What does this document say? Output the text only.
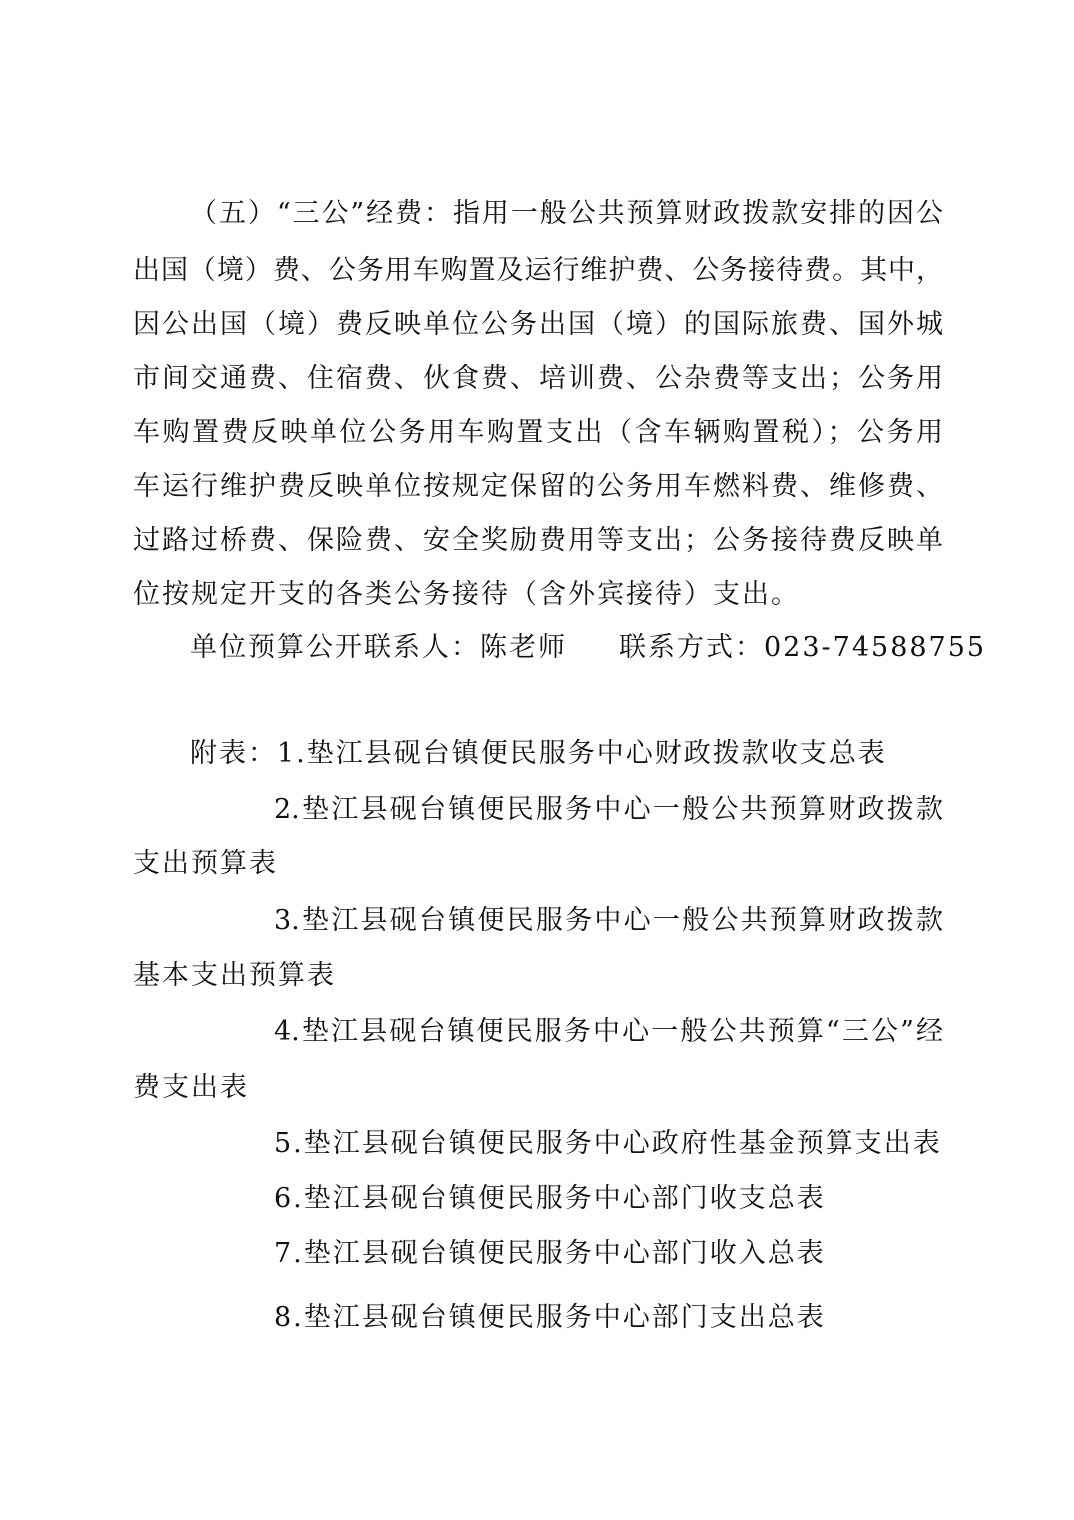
（五）“三公”经费：指用一般公共预算财政拨款安排的因公
出国（境）费、公务用车购置及运行维护费、公务接待费。其中，
因公出国（境）费反映单位公务出国（境）的国际旅费、国外城
市间交通费、住宿费、伙食费、培训费、公杂费等支出；公务用
车购置费反映单位公务用车购置支出（含车辆购置税）；公务用
车运行维护费反映单位按规定保留的公务用车燃料费、维修费、
过路过桥费、保险费、安全奖励费用等支出；公务接待费反映单
位按规定开支的各类公务接待（含外宾接待）支出。
单位预算公开联系人：陈老师 联系方式：023-74588755
附表：1.垫江县砚台镇便民服务中心财政拨款收支总表
2.垫江县砚台镇便民服务中心一般公共预算财政拨款
支出预算表
3.垫江县砚台镇便民服务中心一般公共预算财政拨款
基本支出预算表
4.垫江县砚台镇便民服务中心一般公共预算“三公”经
费支出表
5.垫江县砚台镇便民服务中心政府性基金预算支出表
6.垫江县砚台镇便民服务中心部门收支总表
7.垫江县砚台镇便民服务中心部门收入总表
8.垫江县砚台镇便民服务中心部门支出总表
